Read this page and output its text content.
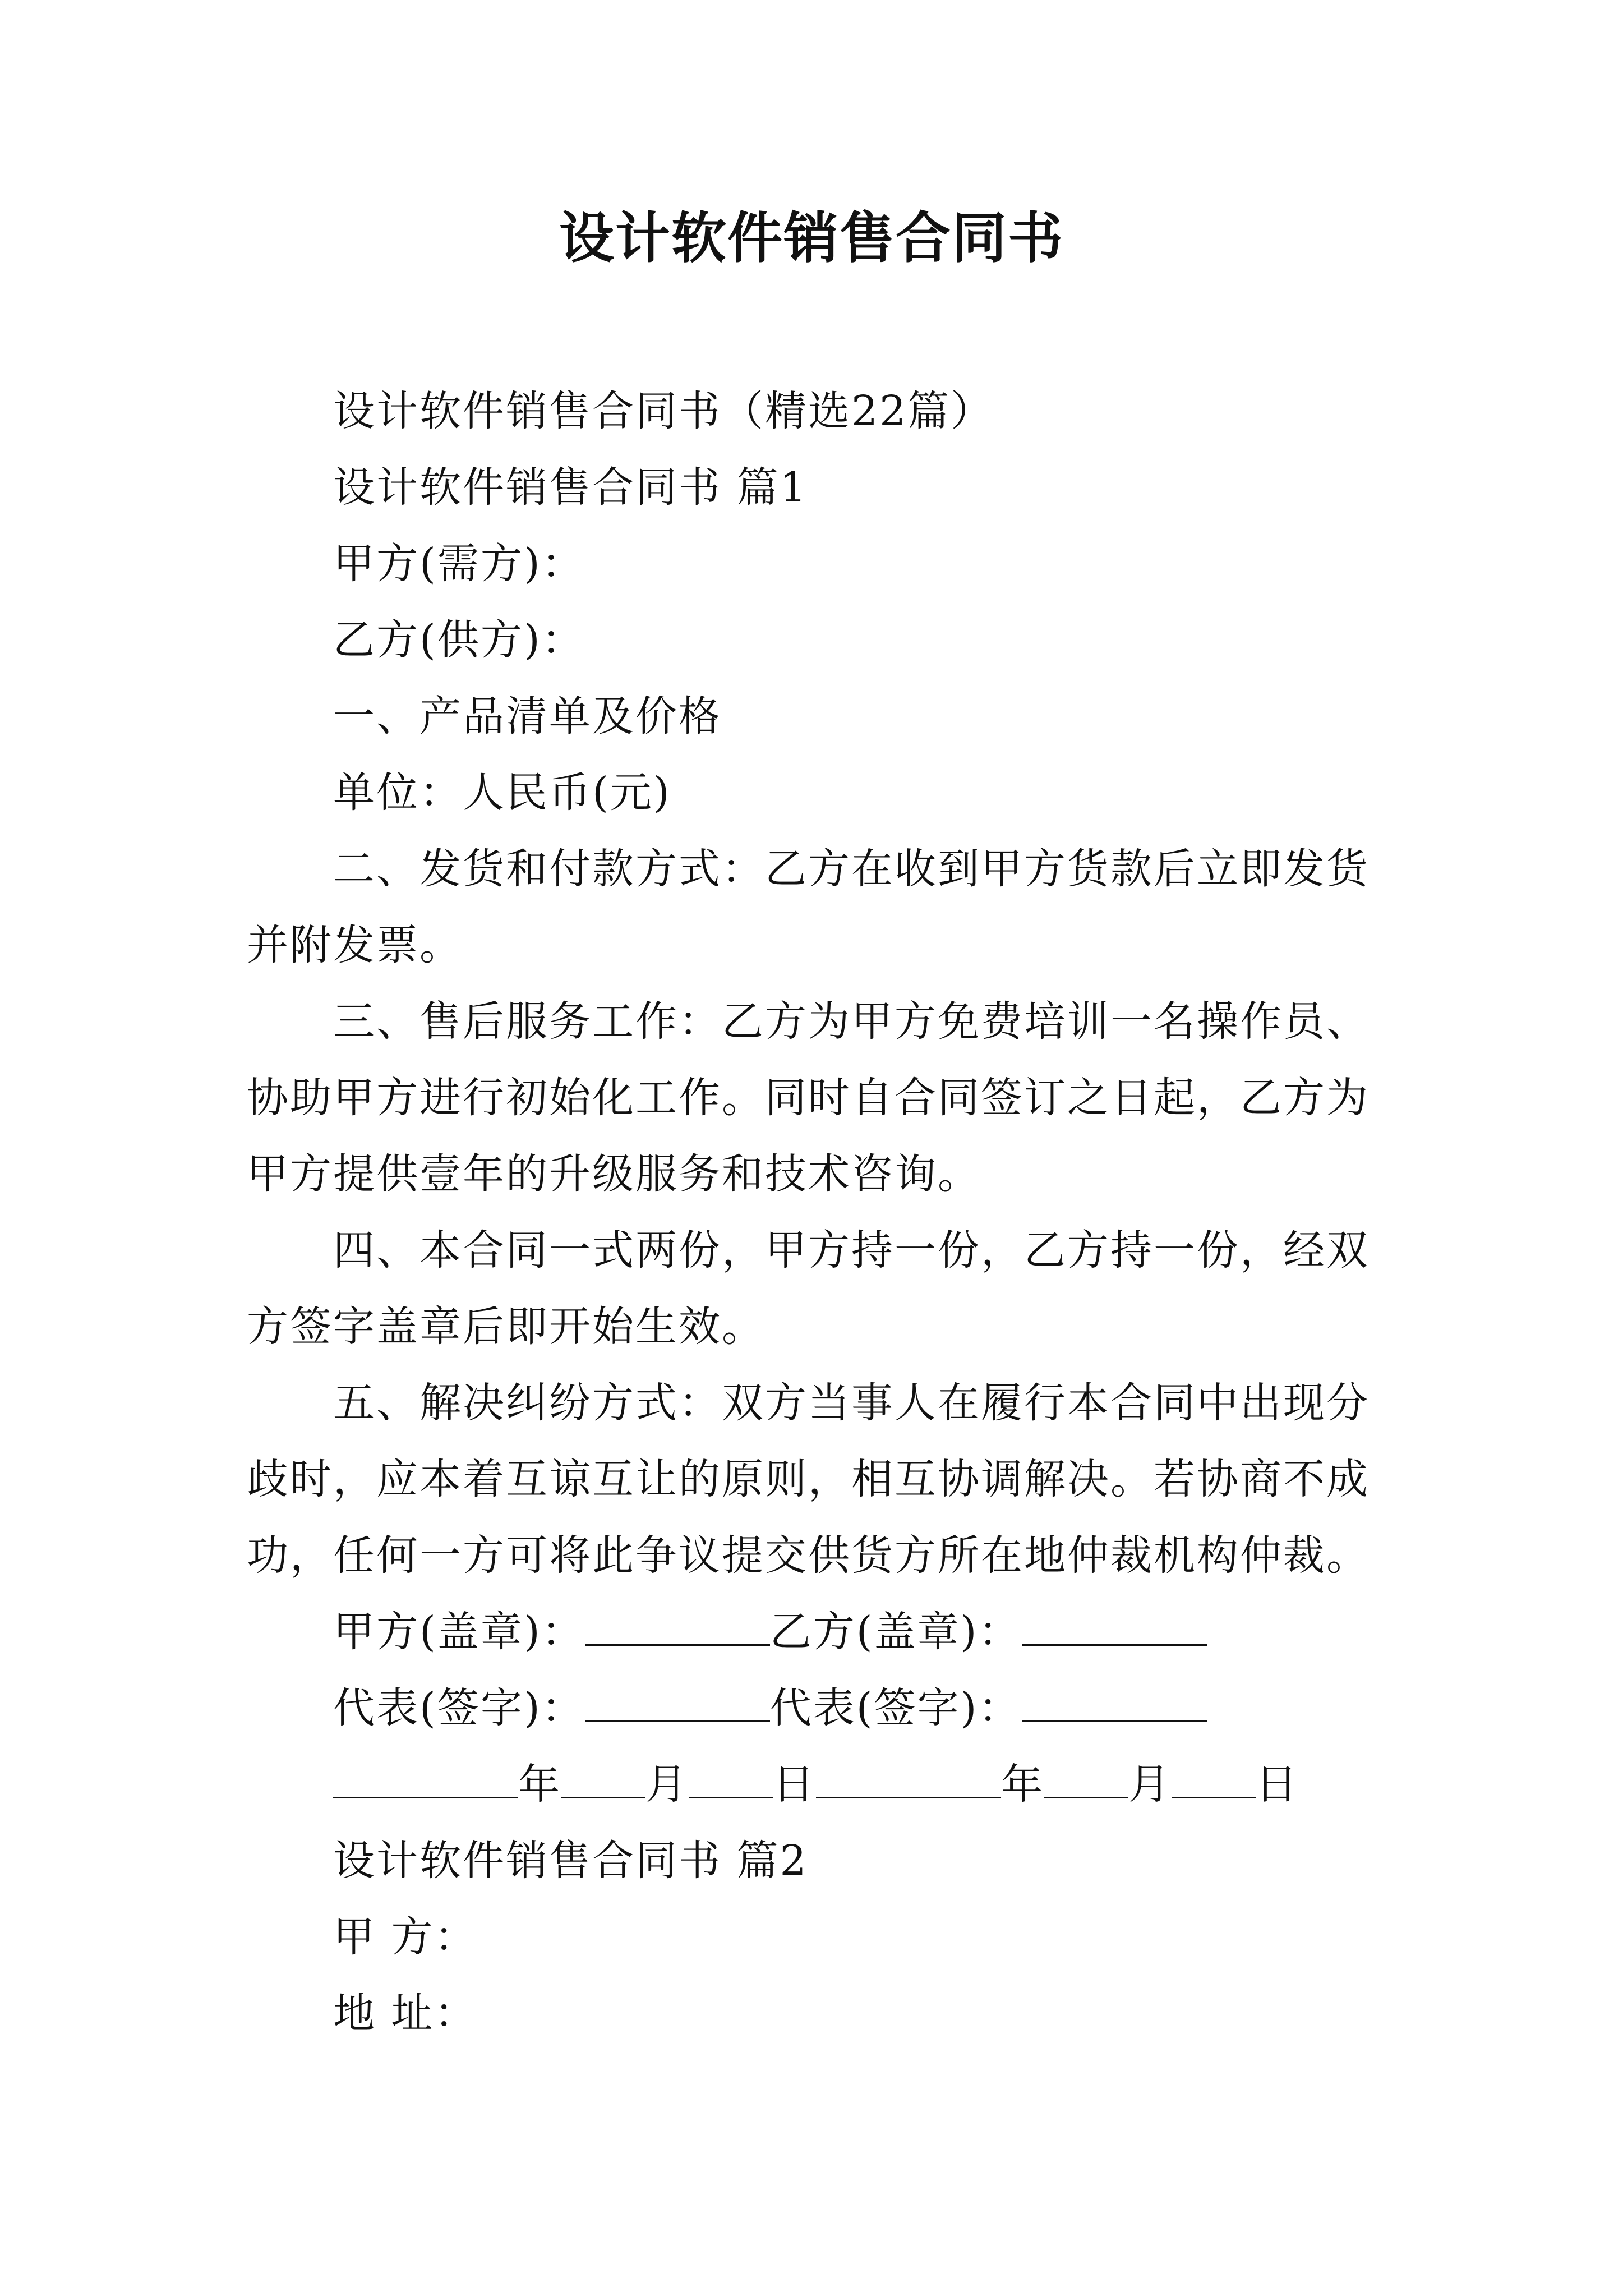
设计软件销售合同书

设计软件销售合同书（精选22篇）

设计软件销售合同书 篇1

甲方(需方)：

乙方(供方)：

一、产品清单及价格

单位：人民币(元)

二、发货和付款方式：乙方在收到甲方货款后立即发货并附发票。

三、售后服务工作：乙方为甲方免费培训一名操作员、协助甲方进行初始化工作。同时自合同签订之日起，乙方为甲方提供壹年的升级服务和技术咨询。

四、本合同一式两份，甲方持一份，乙方持一份，经双方签字盖章后即开始生效。

五、解决纠纷方式：双方当事人在履行本合同中出现分歧时，应本着互谅互让的原则，相互协调解决。若协商不成功，任何一方可将此争议提交供货方所在地仲裁机构仲裁。

甲方(盖章)：	乙方(盖章)：

代表(签字)：	代表(签字)：

年 月 日	年 月 日

设计软件销售合同书 篇2

甲 方：

地 址：
